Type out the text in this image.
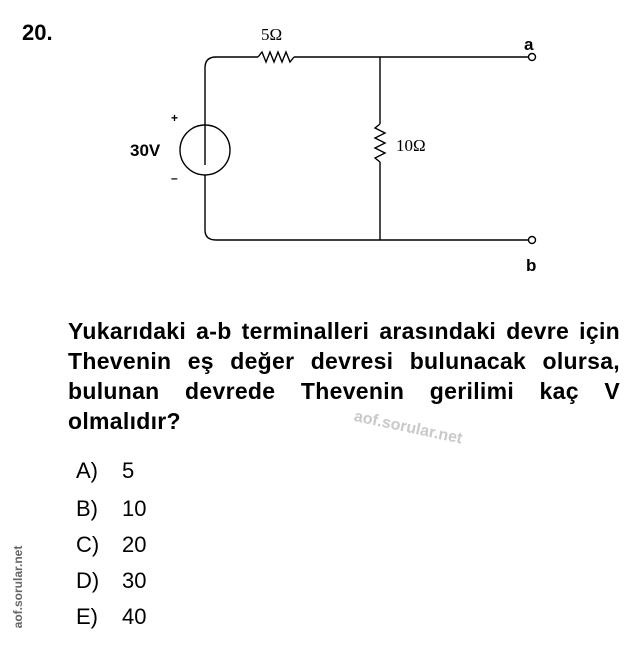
20.	5Ω
10Ω
30V
+
–
a
b
Yukarıdaki a-b terminalleri arasındaki devre için Thevenin eş değer devresi bulunacak olursa, bulunan devrede Thevenin gerilimi kaç V olmalıdır?	aof.sorular.net
A) 5
B) 10
C) 20
D) 30
E) 40
aof.sorular.net
